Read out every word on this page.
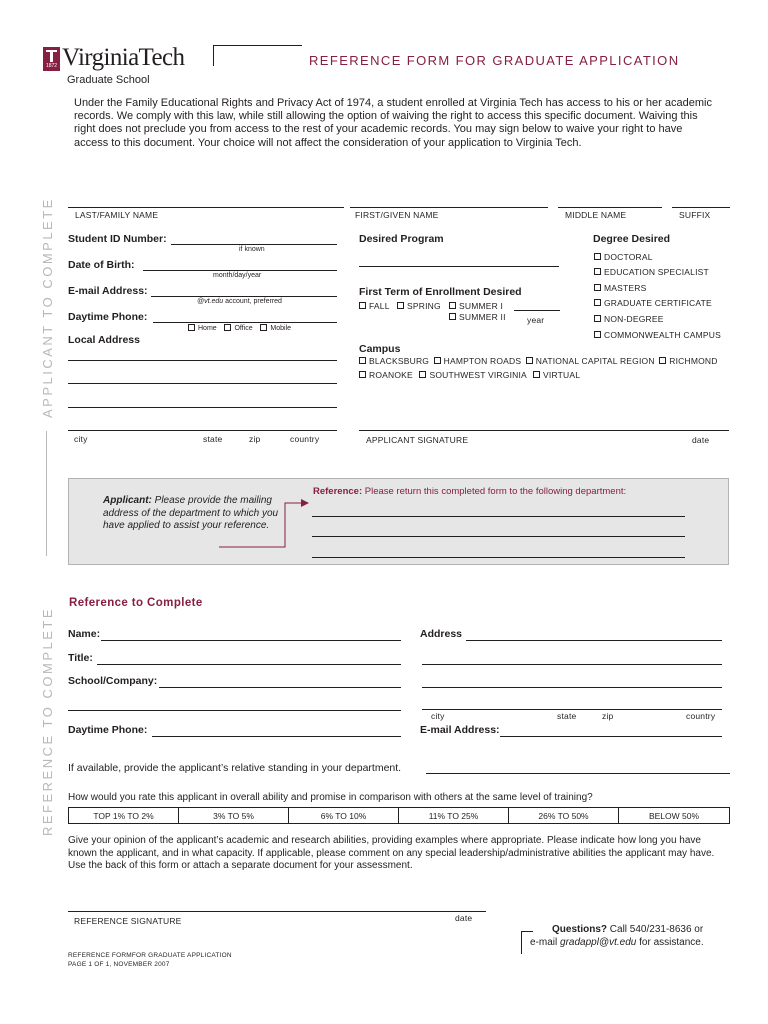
1872 VirginiaTech
Graduate School
REFERENCE FORM FOR GRADUATE APPLICATION
Under the Family Educational Rights and Privacy Act of 1974, a student enrolled at Virginia Tech has access to his or her academic records. We comply with this law, while still allowing the option of waiving the right to access this specific document. Waiving this right does not preclude you from access to the rest of your academic records. You may sign below to waive your right to have access to this document. Your choice will not affect the consideration of your application to Virginia Tech.
APPLICANT TO COMPLETE
REFERENCE TO COMPLETE
LAST/FAMILY NAME	FIRST/GIVEN NAME	MIDDLE NAME	SUFFIX
Student ID Number:
if known
Date of Birth:
month/day/year
E-mail Address:
@vt.edu account, preferred
Daytime Phone:
Home	Office	Mobile
Local Address
city	state	zip	country
Desired Program
First Term of Enrollment Desired
FALL	SPRING	SUMMER I
SUMMER II	year
Campus
BLACKSBURG HAMPTON ROADS NATIONAL CAPITAL REGION RICHMOND
ROANOKE SOUTHWEST VIRGINIA VIRTUAL
APPLICANT SIGNATURE	date
Degree Desired
DOCTORAL
EDUCATION SPECIALIST
MASTERS
GRADUATE CERTIFICATE
NON-DEGREE
COMMONWEALTH CAMPUS
Applicant: Please provide the mailing address of the department to which you have applied to assist your reference.
Reference: Please return this completed form to the following department:
Reference to Complete
Name:
Title:
School/Company:
Daytime Phone:
Address
city	state	zip	country
E-mail Address:
If available, provide the applicant’s relative standing in your department.
How would you rate this applicant in overall ability and promise in comparison with others at the same level of training?
TOP 1% TO 2%	3% TO 5%	6% TO 10%	11% TO 25%	26% TO 50%	BELOW 50%
Give your opinion of the applicant’s academic and research abilities, providing examples where appropriate. Please indicate how long you have known the applicant, and in what capacity. If applicable, please comment on any special leadership/administrative abilities the applicant may have. Use the back of this form or attach a separate document for your assessment.
REFERENCE SIGNATURE	date
Questions? Call 540/231-8636 or
e-mail gradappl@vt.edu for assistance.
REFERENCE FORMFOR GRADUATE APPLICATION
PAGE 1 OF 1, NOVEMBER 2007
